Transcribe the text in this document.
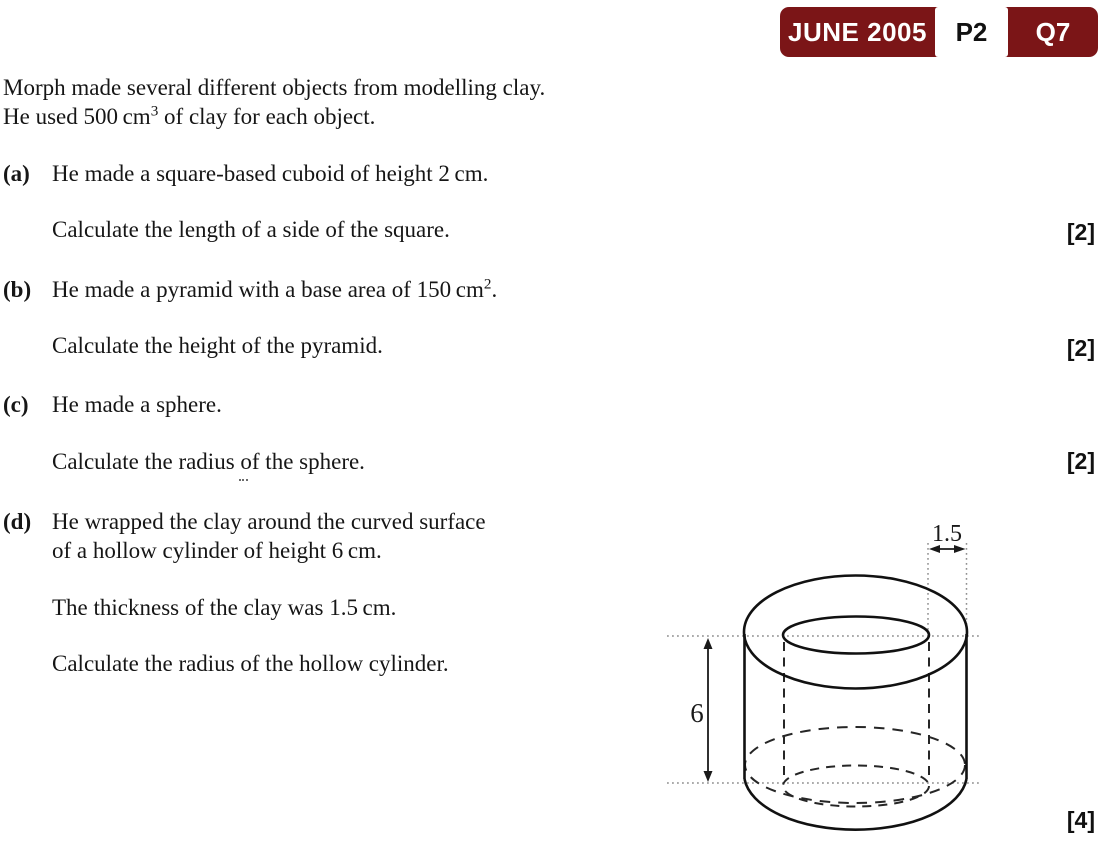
JUNE 2005	P2	Q7
Morph made several different objects from modelling clay.
He used 500 $cm^3$ of clay for each object.
(a) He made a square-based cuboid of height 2 cm.
Calculate the length of a side of the square.	[2]
(b) He made a pyramid with a base area of 150 $cm^2$.
Calculate the height of the pyramid.	[2]
(c) He made a sphere.
Calculate the radius of the sphere.	[2]
(d) He wrapped the clay around the curved surface
of a hollow cylinder of height 6 cm.
The thickness of the clay was 1.5 cm.
Calculate the radius of the hollow cylinder.
[4]
1.5
6
